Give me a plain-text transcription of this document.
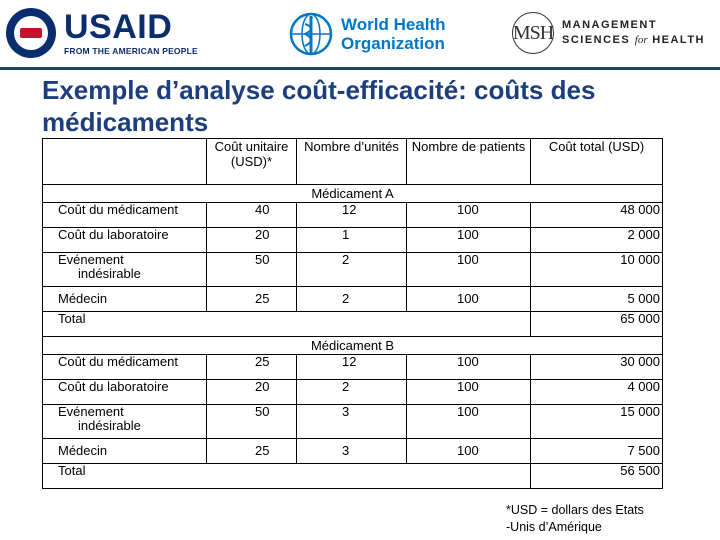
USAID
FROM THE AMERICAN PEOPLE
World Health
Organization	MSH MANAGEMENT
SCIENCES for HEALTH
Exemple d’analyse coût-efficacité: coûts des médicaments
	Coût unitaire (USD)*	Nombre d’unités	Nombre de patients	Coût total (USD)
Médicament A				
Coût du médicament	40	12	100	48 000
Coût du laboratoire	20	1	100	2 000
Evénement
indésirable	50	2	100	10 000
Médecin	25	2	100	5 000
Total				65 000
Médicament B				
Coût du médicament	25	12	100	30 000
Coût du laboratoire	20	2	100	4 000
Evénement
indésirable	50	3	100	15 000
Médecin	25	3	100	7 500
Total				56 500
*USD = dollars des Etats
-Unis d’Amérique
